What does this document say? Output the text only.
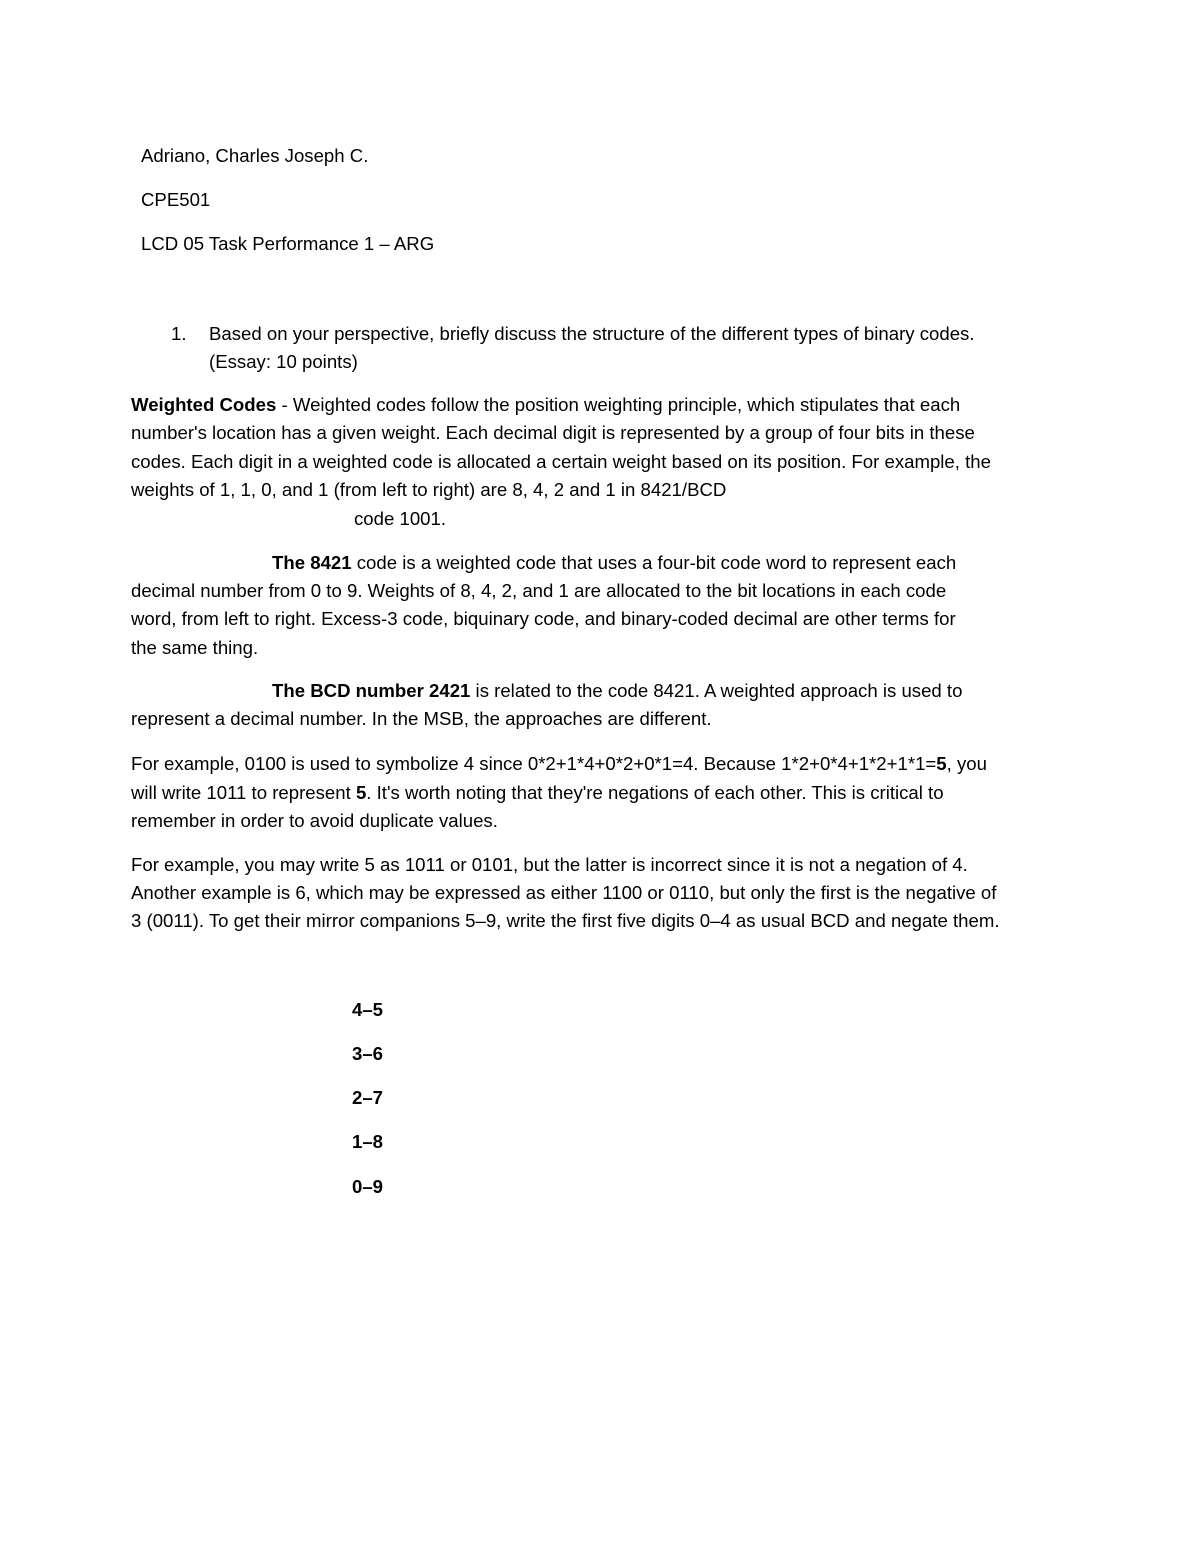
Adriano, Charles Joseph C.
CPE501
LCD 05 Task Performance 1 – ARG
1. Based on your perspective, briefly discuss the structure of the different types of binary codes.
(Essay: 10 points)
Weighted Codes - Weighted codes follow the position weighting principle, which stipulates that each
number's location has a given weight. Each decimal digit is represented by a group of four bits in these
codes. Each digit in a weighted code is allocated a certain weight based on its position. For example, the
weights of 1, 1, 0, and 1 (from left to right) are 8, 4, 2 and 1 in 8421/BCD
code 1001.
The 8421 code is a weighted code that uses a four-bit code word to represent each
decimal number from 0 to 9. Weights of 8, 4, 2, and 1 are allocated to the bit locations in each code
word, from left to right. Excess-3 code, biquinary code, and binary-coded decimal are other terms for
the same thing.
The BCD number 2421 is related to the code 8421. A weighted approach is used to
represent a decimal number. In the MSB, the approaches are different.
For example, 0100 is used to symbolize 4 since 0*2+1*4+0*2+0*1=4. Because 1*2+0*4+1*2+1*1=5, you
will write 1011 to represent 5. It's worth noting that they're negations of each other. This is critical to
remember in order to avoid duplicate values.
For example, you may write 5 as 1011 or 0101, but the latter is incorrect since it is not a negation of 4.
Another example is 6, which may be expressed as either 1100 or 0110, but only the first is the negative of
3 (0011). To get their mirror companions 5–9, write the first five digits 0–4 as usual BCD and negate them.
4–5
3–6
2–7
1–8
0–9
